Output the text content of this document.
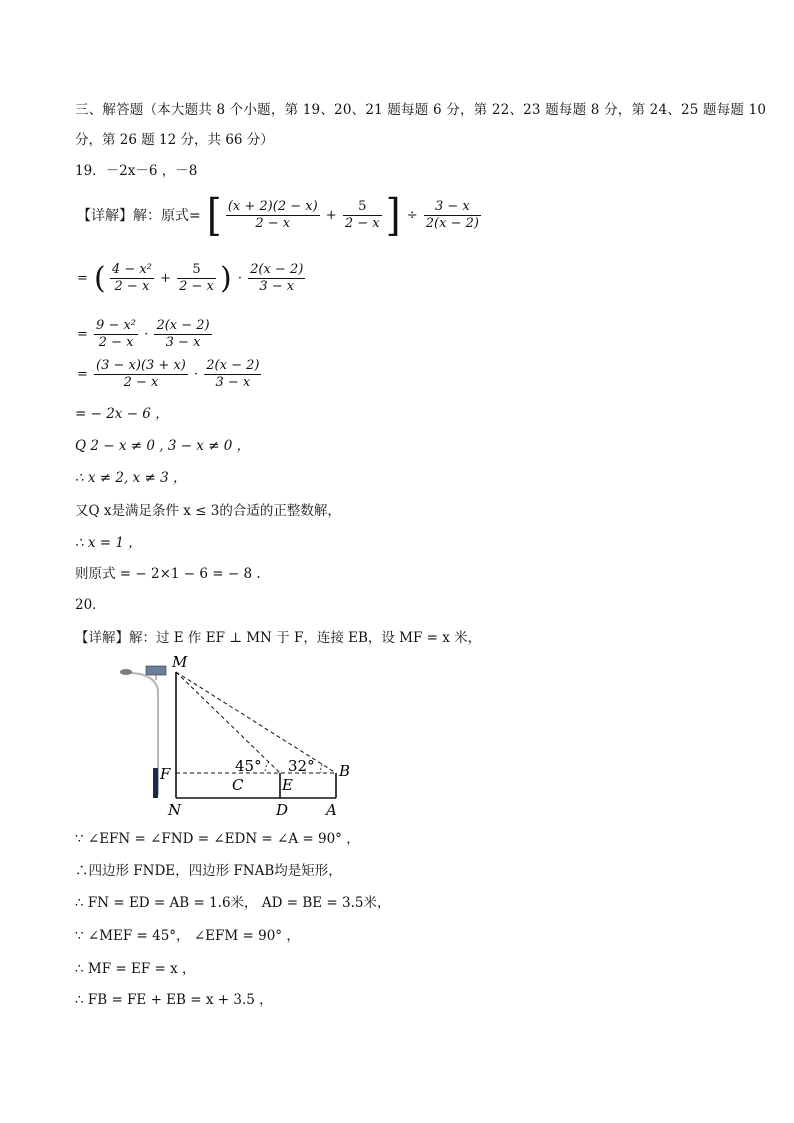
三、解答题（本大题共 8 个小题，第 19、20、21 题每题 6 分，第 22、23 题每题 8 分，第 24、25 题每题 10
分，第 26 题 12 分，共 66 分）
19．－2x－6 ，－8
【详解】解：原式= [ $\frac{(x + 2)(2 - x)}{2 - x} + \frac{5}{2 - x}$ ] ÷ $\frac{3 - x}{2(x - 2)}$
= ( $\frac{\text{4 − x²}}{2 - x} + \frac{5}{2 - x}$ ) · $\frac{2(x - 2)}{3 - x}$
= $\frac{\text{9 − x²}}{2 - x} \cdot \frac{2(x - 2)}{3 - x}$
= $\frac{(3 - x)(3 + x)}{2 - x} \cdot \frac{2(x - 2)}{3 - x}$
= − 2x − 6 ，
Q 2 − x ≠ 0 , 3 − x ≠ 0 ，
∴ x ≠ 2, x ≠ 3 ，
又Q x是满足条件 x ≤ 3的合适的正整数解，
∴ x = 1 ，
则原式 = − 2×1 − 6 = − 8 .
20．
【详解】解：过 E 作 EF ⊥ MN 于 F，连接 EB，设 MF = x 米，
M
F
N
C
D
E
A
B
45° 32°
∵ ∠EFN = ∠FND = ∠EDN = ∠A = 90° ，
∴四边形 FNDE，四边形 FNAB均是矩形，
∴ FN = ED = AB = 1.6米， AD = BE = 3.5米，
∵ ∠MEF = 45°， ∠EFM = 90° ，
∴ MF = EF = x ，
∴ FB = FE + EB = x + 3.5 ，
